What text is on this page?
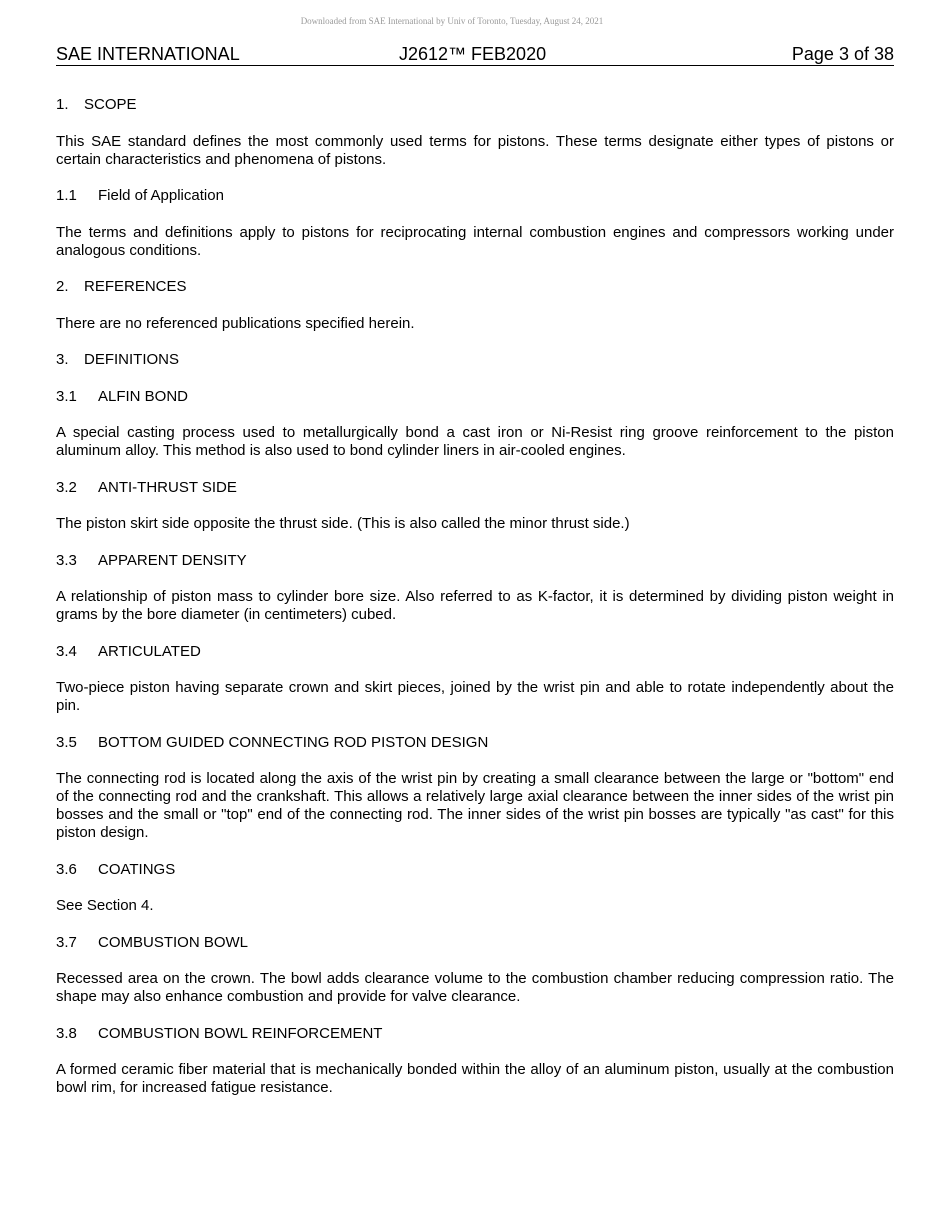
Downloaded from SAE International by Univ of Toronto, Tuesday, August 24, 2021
SAE INTERNATIONAL	J2612™ FEB2020	Page 3 of 38
1. SCOPE

This SAE standard defines the most commonly used terms for pistons. These terms designate either types of pistons or certain characteristics and phenomena of pistons.

1.1 Field of Application

The terms and definitions apply to pistons for reciprocating internal combustion engines and compressors working under analogous conditions.

2. REFERENCES

There are no referenced publications specified herein.

3. DEFINITIONS
3.1 ALFIN BOND

A special casting process used to metallurgically bond a cast iron or Ni-Resist ring groove reinforcement to the piston aluminum alloy. This method is also used to bond cylinder liners in air-cooled engines.

3.2 ANTI-THRUST SIDE

The piston skirt side opposite the thrust side. (This is also called the minor thrust side.)

3.3 APPARENT DENSITY

A relationship of piston mass to cylinder bore size. Also referred to as K-factor, it is determined by dividing piston weight in grams by the bore diameter (in centimeters) cubed.

3.4 ARTICULATED

Two-piece piston having separate crown and skirt pieces, joined by the wrist pin and able to rotate independently about the pin.

3.5 BOTTOM GUIDED CONNECTING ROD PISTON DESIGN

The connecting rod is located along the axis of the wrist pin by creating a small clearance between the large or "bottom" end of the connecting rod and the crankshaft. This allows a relatively large axial clearance between the inner sides of the wrist pin bosses and the small or "top" end of the connecting rod. The inner sides of the wrist pin bosses are typically "as cast" for this piston design.

3.6 COATINGS

See Section 4.

3.7 COMBUSTION BOWL

Recessed area on the crown. The bowl adds clearance volume to the combustion chamber reducing compression ratio. The shape may also enhance combustion and provide for valve clearance.

3.8 COMBUSTION BOWL REINFORCEMENT

A formed ceramic fiber material that is mechanically bonded within the alloy of an aluminum piston, usually at the combustion bowl rim, for increased fatigue resistance.
